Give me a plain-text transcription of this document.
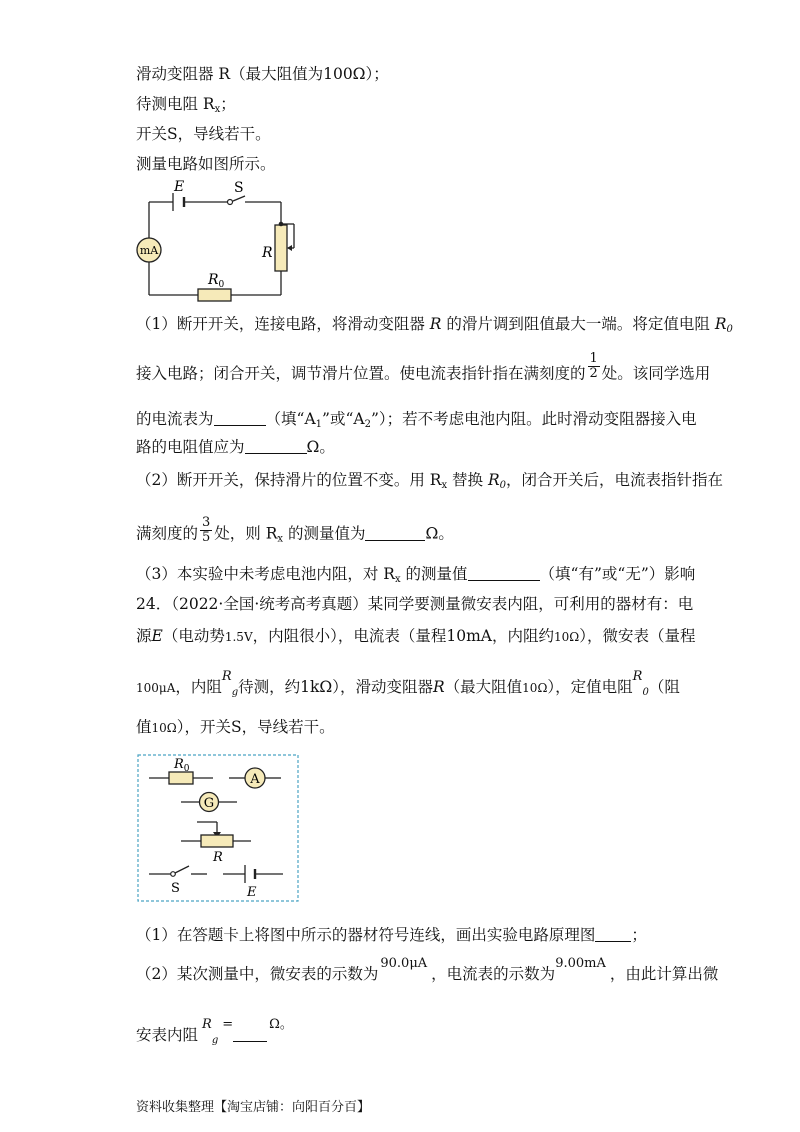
滑动变阻器 R（最大阻值为100Ω）；
待测电阻 $R_x$；
开关S，导线若干。
测量电路如图所示。
E	S
mA	R
$R_0$
（1）断开开关，连接电路，将滑动变阻器 R 的滑片调到阻值最大一端。将定值电阻 $R_0$
接入电路；闭合开关，调节滑片位置。使电流表指针指在满刻度的 $\frac{1}{2}$ 处。该同学选用
的电流表为	（填“$A_1$”或“$A_2$”）；若不考虑电池内阻。此时滑动变阻器接入电
路的电阻值应为	Ω。
（2）断开开关，保持滑片的位置不变。用 $R_x$ 替换 $R_0$，闭合开关后，电流表指针指在
满刻度的 $\frac{3}{5}$ 处，则 $R_x$ 的测量值为	Ω。
（3）本实验中未考虑电池内阻，对 $R_x$ 的测量值	（填“有”或“无”）影响
24．（2022·全国·统考高考真题）某同学要测量微安表内阻，可利用的器材有：电
源E（电动势1.5V，内阻很小），电流表（量程10mA，内阻约10Ω），微安表（量程
100μA，内阻$^R_g$待测，约1kΩ），滑动变阻器R（最大阻值10Ω），定值电阻$^R_0$（阻
值10Ω），开关S，导线若干。
$R_0$
A
G
R
S	E
（1）在答题卡上将图中所示的器材符号连线，画出实验电路原理图 ；
（2）某次测量中，微安表的示数为$^{90.0\mu A}$，电流表的示数为$^{9.00mA}$，由此计算出微
安表内阻$^R_g$=	$^{\Omega。}$
资料收集整理【淘宝店铺：向阳百分百】
